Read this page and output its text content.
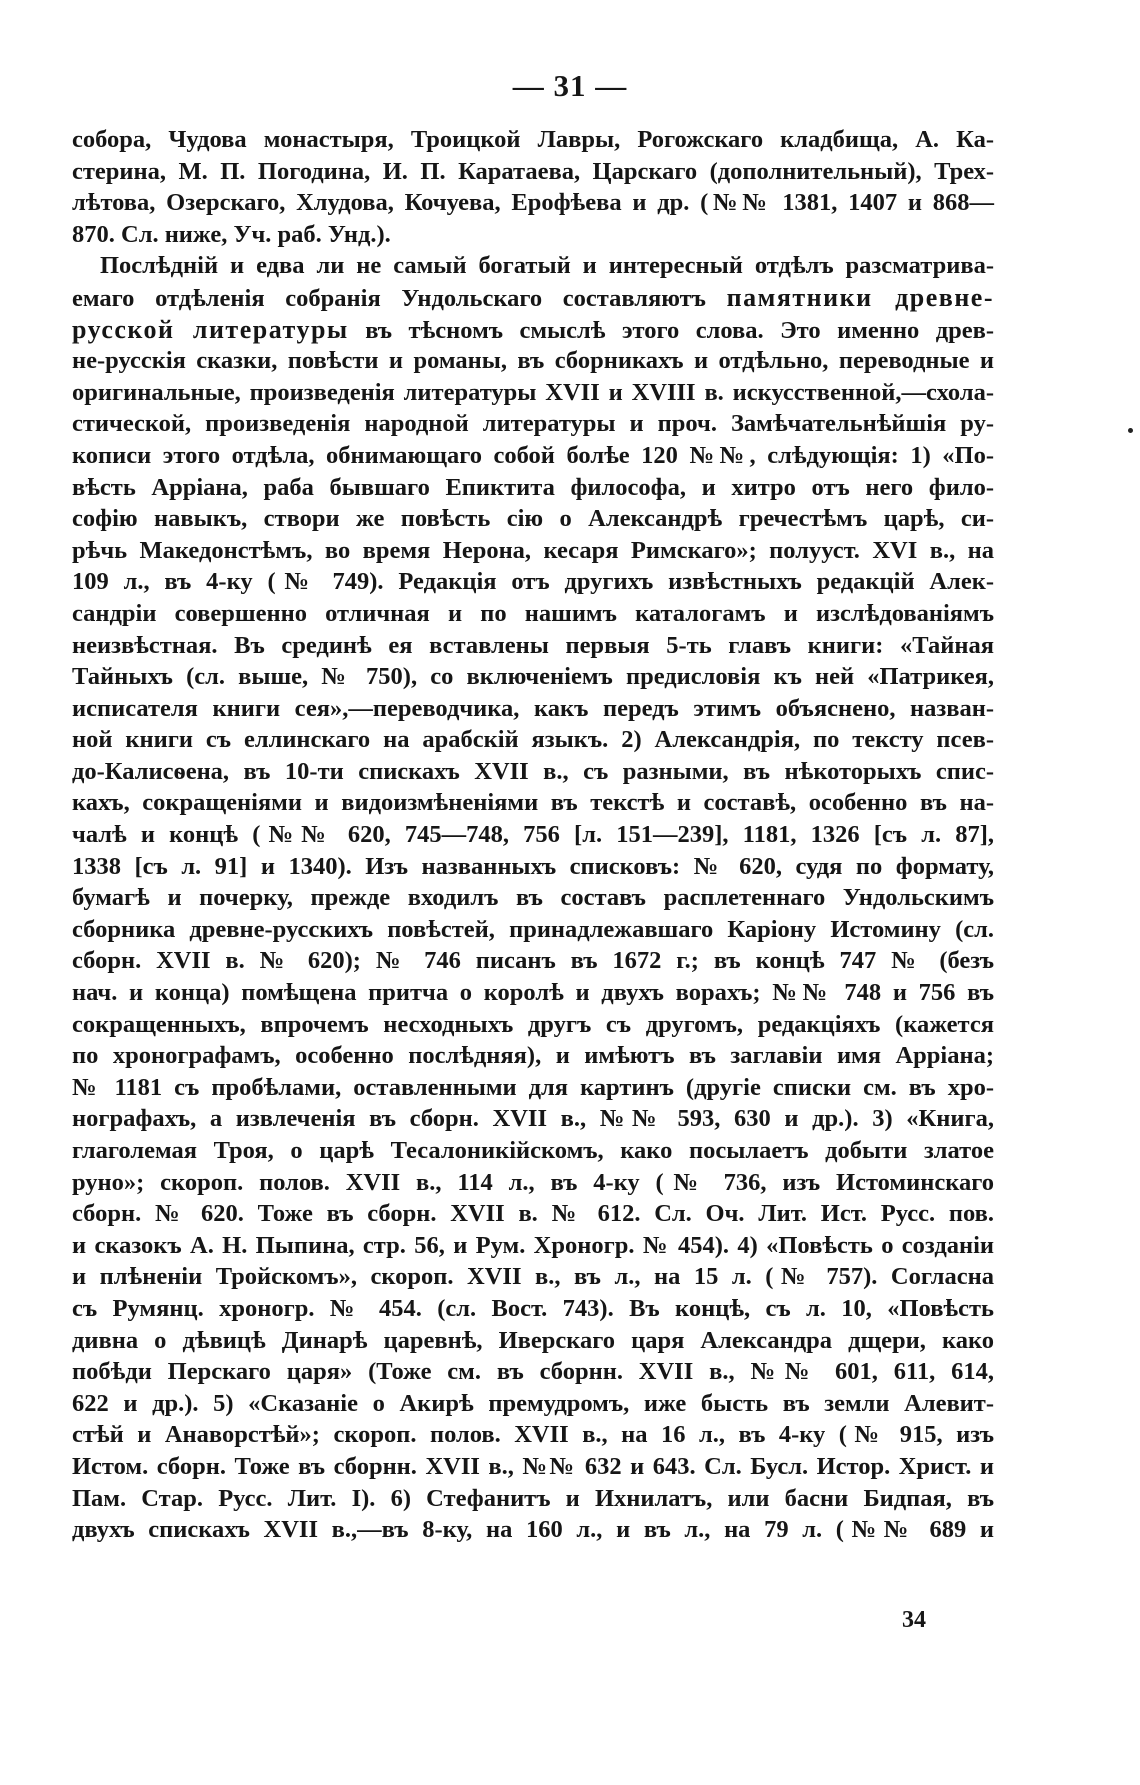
— 31 —
собора, Чудова монастыря, Троицкой Лавры, Рогожскаго кладбища, А. Ка-
стерина, М. П. Погодина, И. П. Каратаева, Царскаго (дополнительный), Трех-
лѣтова, Озерскаго, Хлудова, Кочуева, Ерофѣева и др. (№№ 1381, 1407 и 868—
870. Сл. ниже, Уч. раб. Унд.).
Послѣдній и едва ли не самый богатый и интересный отдѣлъ разсматрива-
емаго отдѣленія собранія Ундольскаго составляютъ памятники древне-
русской литературы въ тѣсномъ смыслѣ этого слова. Это именно древ-
не-русскія сказки, повѣсти и романы, въ сборникахъ и отдѣльно, переводные и
оригинальные, произведенія литературы XVII и XVIII в. искусственной,—схола-
стической, произведенія народной литературы и проч. Замѣчательнѣйшія ру-
кописи этого отдѣла, обнимающаго собой болѣе 120 №№, слѣдующія: 1) «По-
вѣсть Арріана, раба бывшаго Епиктита философа, и хитро отъ него фило-
софію навыкъ, створи же повѣсть сію о Александрѣ гречестѣмъ царѣ, си-
рѣчь Македонстѣмъ, во время Нерона, кесаря Римскаго»; полууст. XVI в., на
109 л., въ 4-ку (№ 749). Редакція отъ другихъ извѣстныхъ редакцій Алек-
сандріи совершенно отличная и по нашимъ каталогамъ и изслѣдованіямъ
неизвѣстная. Въ срединѣ ея вставлены первыя 5-ть главъ книги: «Тайная
Тайныхъ (сл. выше, № 750), со включеніемъ предисловія къ ней «Патрикея,
исписателя книги сея»,—переводчика, какъ передъ этимъ объяснено, назван-
ной книги съ еллинскаго на арабскій языкъ. 2) Александрія, по тексту псев-
до-Калисѳена, въ 10-ти спискахъ XVII в., съ разными, въ нѣкоторыхъ спис-
кахъ, сокращеніями и видоизмѣненіями въ текстѣ и составѣ, особенно въ на-
чалѣ и концѣ (№№ 620, 745—748, 756 [л. 151—239], 1181, 1326 [съ л. 87],
1338 [съ л. 91] и 1340). Изъ названныхъ списковъ: № 620, судя по формату,
бумагѣ и почерку, прежде входилъ въ составъ расплетеннаго Ундольскимъ
сборника древне-русскихъ повѣстей, принадлежавшаго Каріону Истомину (сл.
сборн. XVII в. № 620); № 746 писанъ въ 1672 г.; въ концѣ 747 № (безъ
нач. и конца) помѣщена притча о королѣ и двухъ ворахъ; №№ 748 и 756 въ
сокращенныхъ, впрочемъ несходныхъ другъ съ другомъ, редакціяхъ (кажется
по хронографамъ, особенно послѣдняя), и имѣютъ въ заглавіи имя Арріана;
№ 1181 съ пробѣлами, оставленными для картинъ (другіе списки см. въ хро-
нографахъ, а извлеченія въ сборн. XVII в., №№ 593, 630 и др.). 3) «Книга,
глаголемая Троя, о царѣ Тесалоникійскомъ, како посылаетъ добыти златое
руно»; скороп. полов. XVII в., 114 л., въ 4-ку (№ 736, изъ Истоминскаго
сборн. № 620. Тоже въ сборн. XVII в. № 612. Сл. Оч. Лит. Ист. Русс. пов.
и сказокъ А. Н. Пыпина, стр. 56, и Рум. Хроногр. № 454). 4) «Повѣсть о созданіи
и плѣненіи Тройскомъ», скороп. XVII в., въ л., на 15 л. (№ 757). Согласна
съ Румянц. хроногр. № 454. (сл. Вост. 743). Въ концѣ, съ л. 10, «Повѣсть
дивна о дѣвицѣ Динарѣ царевнѣ, Иверскаго царя Александра дщери, како
побѣди Перскаго царя» (Тоже см. въ сборнн. XVII в., №№ 601, 611, 614,
622 и др.). 5) «Сказаніе о Акирѣ премудромъ, иже бысть въ земли Алевит-
стѣй и Анаворстѣй»; скороп. полов. XVII в., на 16 л., въ 4-ку (№ 915, изъ
Истом. сборн. Тоже въ сборнн. XVII в., №№ 632 и 643. Сл. Бусл. Истор. Христ. и
Пам. Стар. Русс. Лит. I). 6) Стефанитъ и Ихнилатъ, или басни Бидпая, въ
двухъ спискахъ XVII в.,—въ 8-ку, на 160 л., и въ л., на 79 л. (№№ 689 и
34
